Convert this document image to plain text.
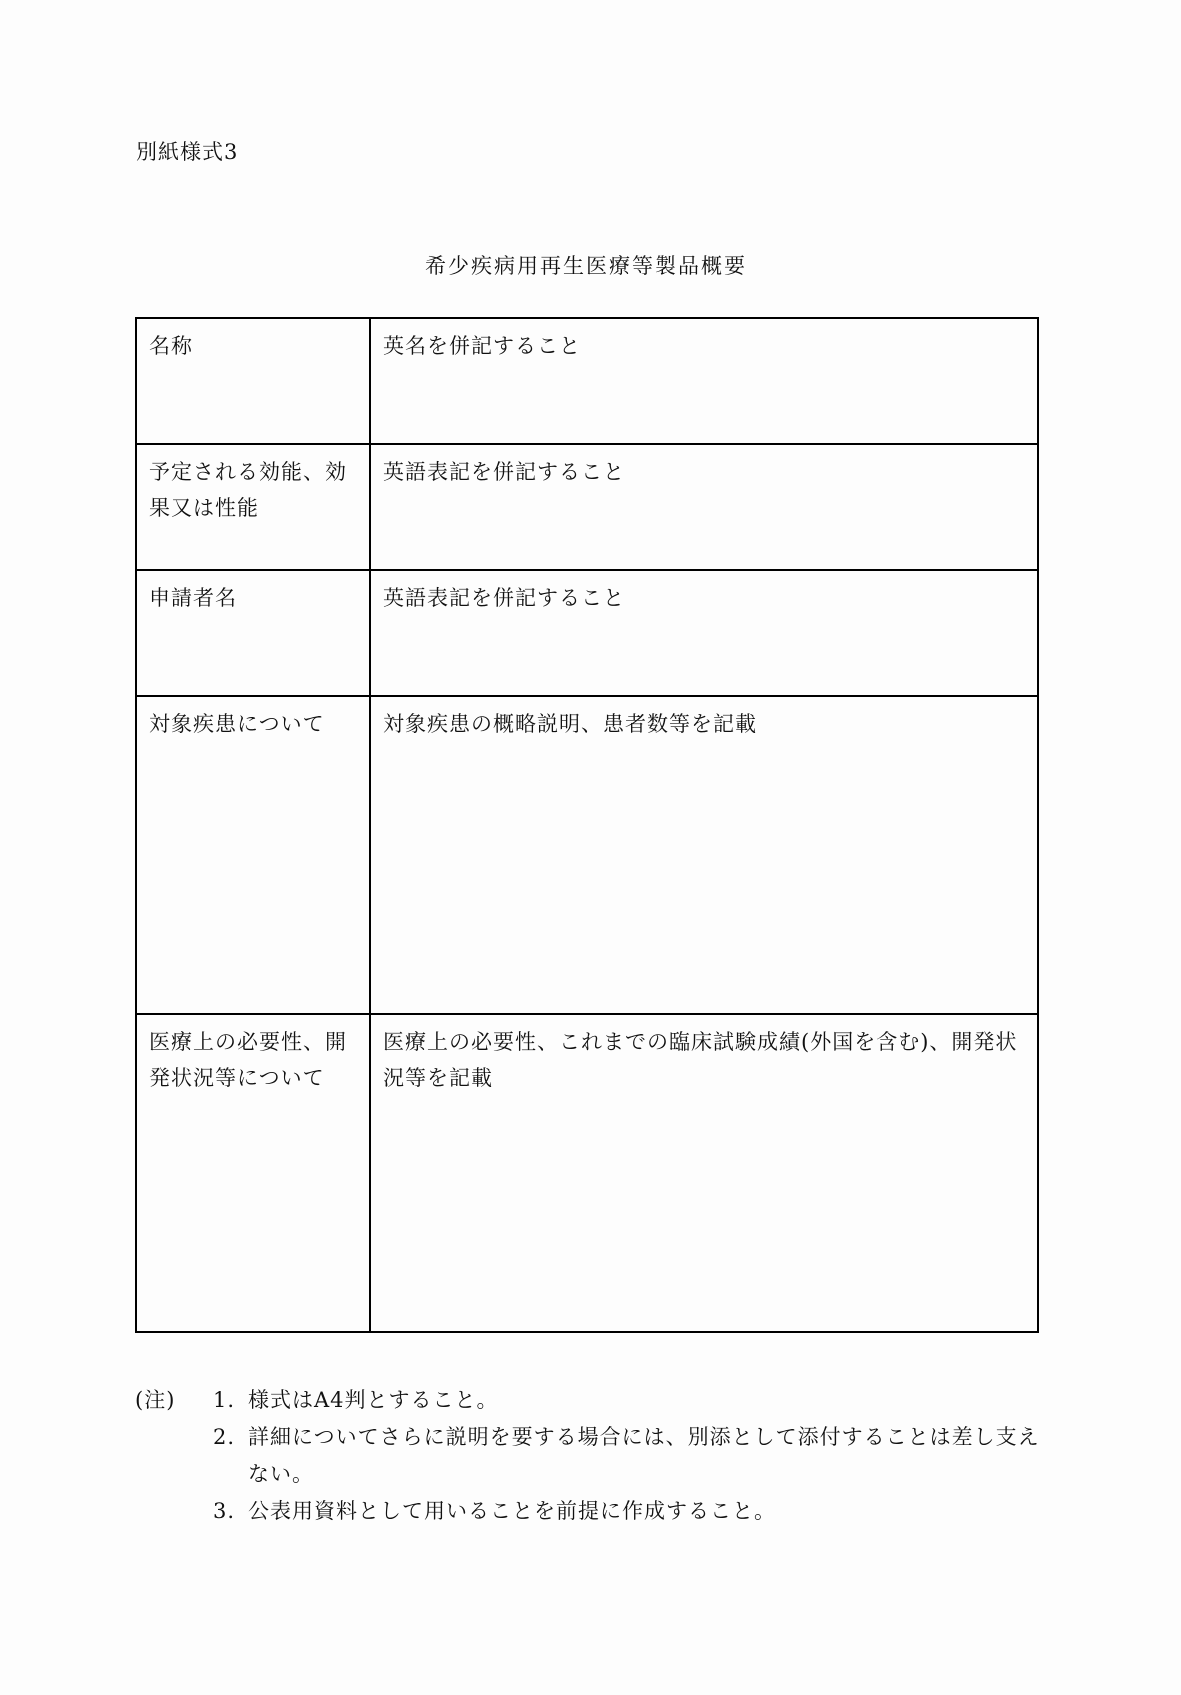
別紙様式3
希少疾病用再生医療等製品概要
名称	英名を併記すること
予定される効能、効果又は性能	英語表記を併記すること
申請者名	英語表記を併記すること
対象疾患について	対象疾患の概略説明、患者数等を記載
医療上の必要性、開発状況等について	医療上の必要性、これまでの臨床試験成績(外国を含む)、開発状況等を記載
(注)	1. 様式はA4判とすること。
2. 詳細についてさらに説明を要する場合には、別添として添付することは差し支えない。
3. 公表用資料として用いることを前提に作成すること。
